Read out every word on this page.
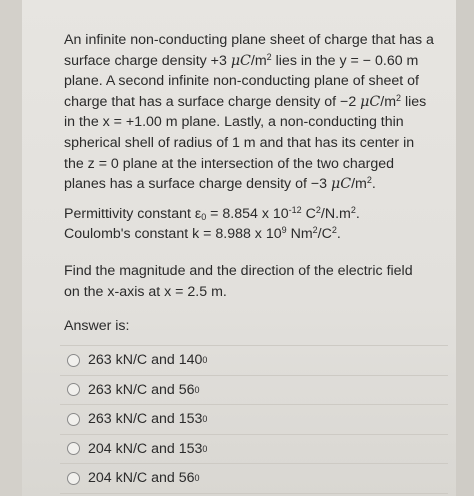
An infinite non-conducting plane sheet of charge that has a
surface charge density +3 $\mu C/m^2$ lies in the y = − 0.60 m
plane. A second infinite non-conducting plane of sheet of
charge that has a surface charge density of −2 $\mu C/m^2$ lies
in the x = +1.00 m plane. Lastly, a non-conducting thin
spherical shell of radius of 1 m and that has its center in
the z = 0 plane at the intersection of the two charged
planes has a surface charge density of −3 $\mu C/m^2$.

Permittivity constant $\varepsilon_0 = 8.854$ x $10^{-12}$ $C^2/N.m^2$.
Coulomb's constant k = 8.988 x $10^9$ $Nm^2/C^2$.

Find the magnitude and the direction of the electric field
on the x-axis at x = 2.5 m.

Answer is:

263 kN/C and 140 0
263 kN/C and 56 0
263 kN/C and 153 0
204 kN/C and 153 0
204 kN/C and 56 0
